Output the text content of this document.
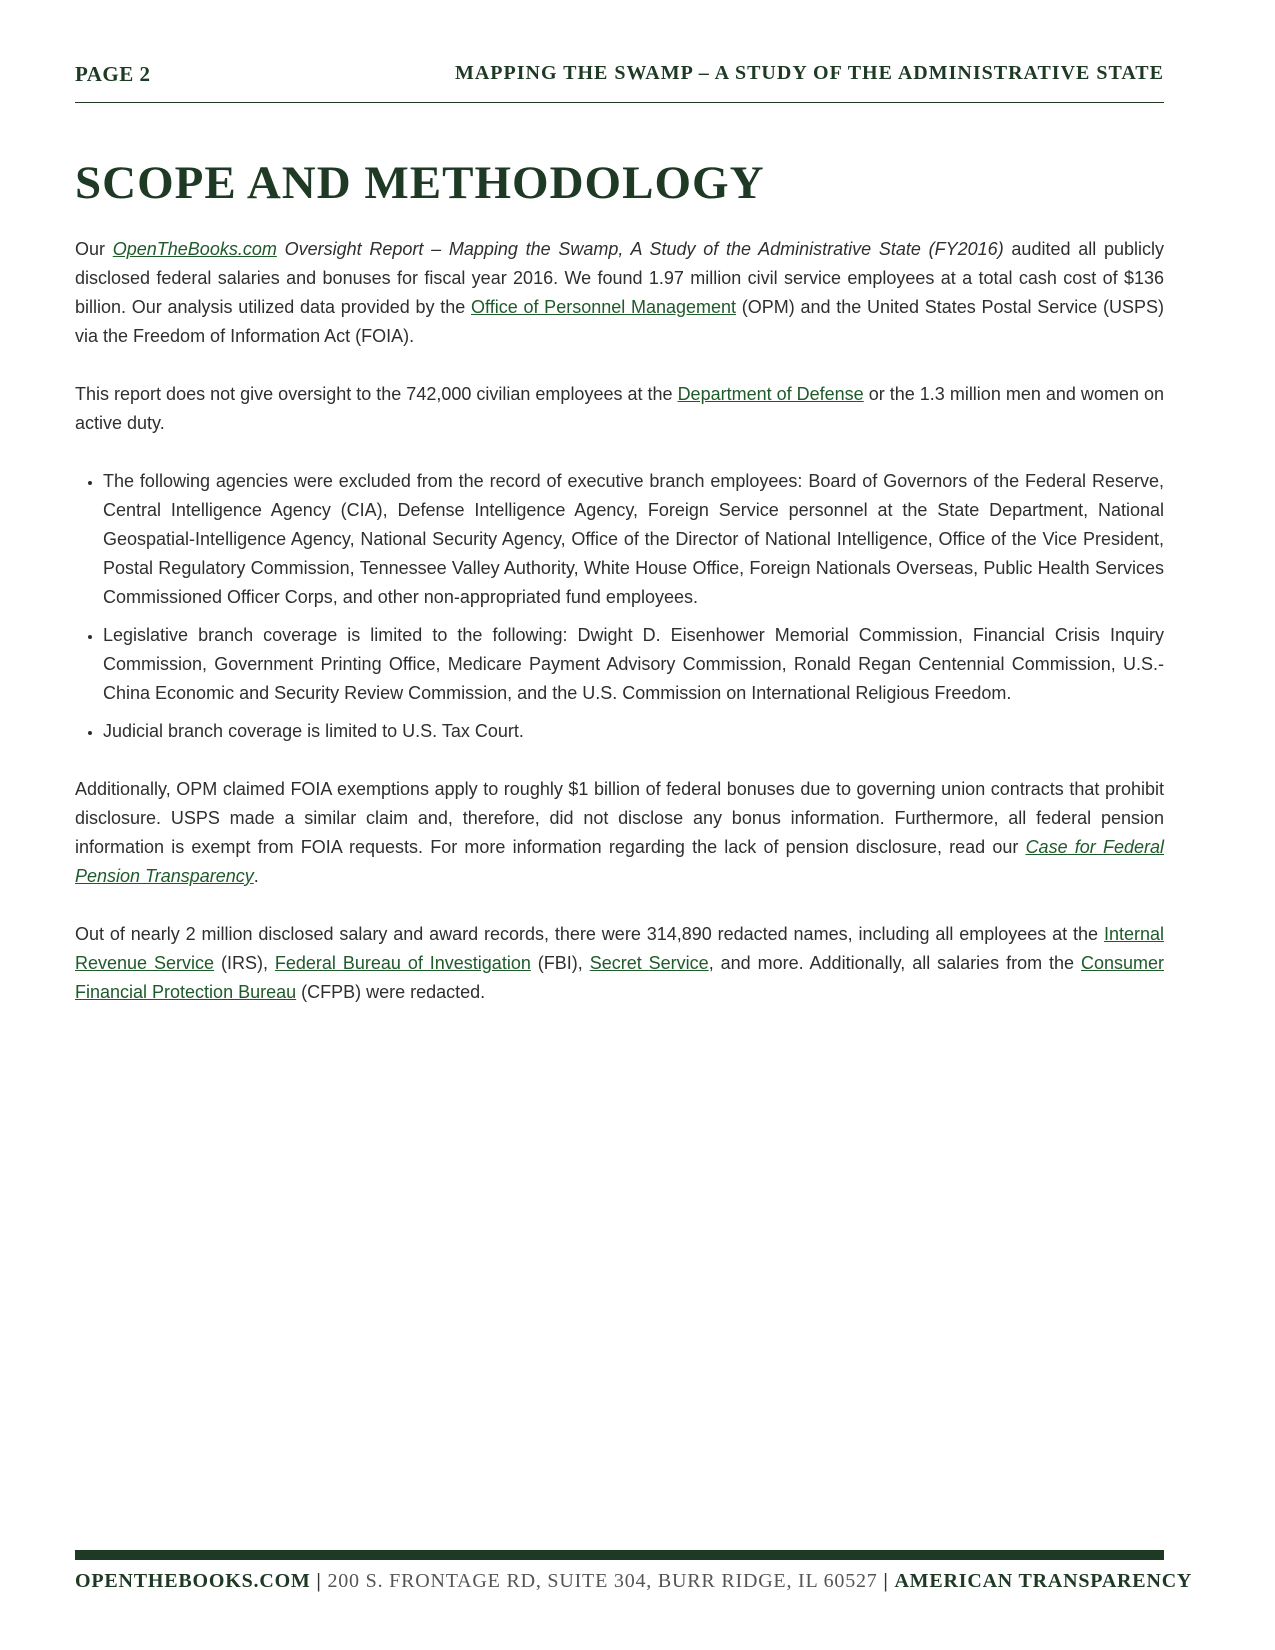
PAGE 2	MAPPING THE SWAMP – A STUDY OF THE ADMINISTRATIVE STATE
SCOPE AND METHODOLOGY

Our OpenTheBooks.com Oversight Report – Mapping the Swamp, A Study of the Administrative State (FY2016) audited all publicly disclosed federal salaries and bonuses for fiscal year 2016. We found 1.97 million civil service employees at a total cash cost of $136 billion. Our analysis utilized data provided by the Office of Personnel Management (OPM) and the United States Postal Service (USPS) via the Freedom of Information Act (FOIA).

This report does not give oversight to the 742,000 civilian employees at the Department of Defense or the 1.3 million men and women on active duty.

• The following agencies were excluded from the record of executive branch employees: Board of Governors of the Federal Reserve, Central Intelligence Agency (CIA), Defense Intelligence Agency, Foreign Service personnel at the State Department, National Geospatial-Intelligence Agency, National Security Agency, Office of the Director of National Intelligence, Office of the Vice President, Postal Regulatory Commission, Tennessee Valley Authority, White House Office, Foreign Nationals Overseas, Public Health Services Commissioned Officer Corps, and other non-appropriated fund employees.
• Legislative branch coverage is limited to the following: Dwight D. Eisenhower Memorial Commission, Financial Crisis Inquiry Commission, Government Printing Office, Medicare Payment Advisory Commission, Ronald Regan Centennial Commission, U.S.-China Economic and Security Review Commission, and the U.S. Commission on International Religious Freedom.
• Judicial branch coverage is limited to U.S. Tax Court.

Additionally, OPM claimed FOIA exemptions apply to roughly $1 billion of federal bonuses due to governing union contracts that prohibit disclosure. USPS made a similar claim and, therefore, did not disclose any bonus information. Furthermore, all federal pension information is exempt from FOIA requests. For more information regarding the lack of pension disclosure, read our Case for Federal Pension Transparency.

Out of nearly 2 million disclosed salary and award records, there were 314,890 redacted names, including all employees at the Internal Revenue Service (IRS), Federal Bureau of Investigation (FBI), Secret Service, and more. Additionally, all salaries from the Consumer Financial Protection Bureau (CFPB) were redacted.

OPENTHEBOOKS.COM | 200 S. FRONTAGE RD, SUITE 304, BURR RIDGE, IL 60527 | AMERICAN TRANSPARENCY
